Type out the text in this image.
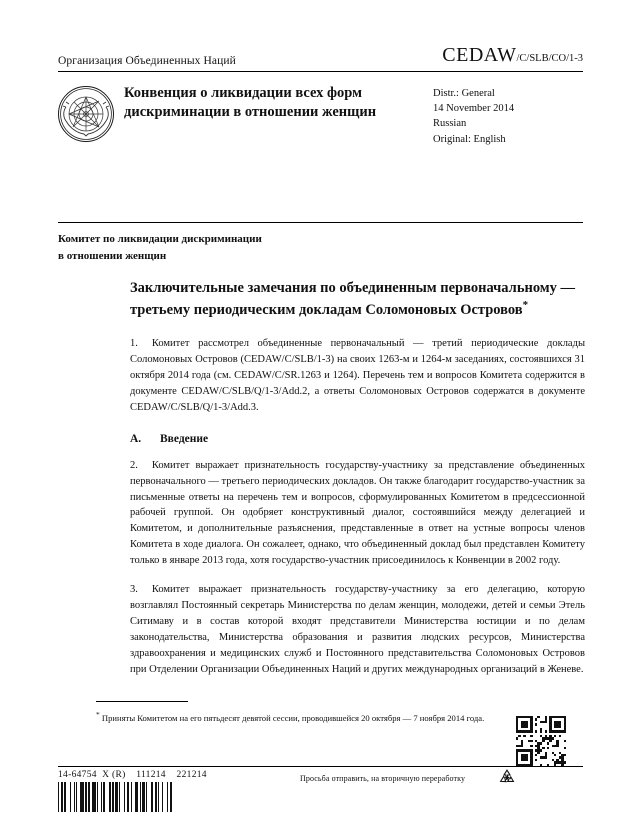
Организация Объединенных Наций	CEDAW/C/SLB/CO/1-3
Конвенция о ликвидации всех форм дискриминации в отношении женщин
Distr.: General
14 November 2014
Russian
Original: English
Комитет по ликвидации дискриминации
в отношении женщин
Заключительные замечания по объединенным первоначальному — третьему периодическим докладам Соломоновых Островов*

1. Комитет рассмотрел объединенные первоначальный — третий периодические доклады Соломоновых Островов (CEDAW/C/SLB/1-3) на своих 1263-м и 1264-м заседаниях, состоявшихся 31 октября 2014 года (см. CEDAW/C/SR.1263 и 1264). Перечень тем и вопросов Комитета содержится в документе CEDAW/C/SLB/Q/1-3/Add.2, а ответы Соломоновых Островов содержатся в документе CEDAW/C/SLB/Q/1-3/Add.3.

A.	Введение

2. Комитет выражает признательность государству-участнику за представление объединенных первоначального — третьего периодических докладов. Он также благодарит государство-участник за письменные ответы на перечень тем и вопросов, сформулированных Комитетом в предсессионной рабочей группой. Он одобряет конструктивный диалог, состоявшийся между делегацией и Комитетом, и дополнительные разъяснения, представленные в ответ на устные вопросы членов Комитета в ходе диалога. Он сожалеет, однако, что объединенный доклад был представлен Комитету только в январе 2013 года, хотя государство-участник присоединилось к Конвенции в 2002 году.

3. Комитет выражает признательность государству-участнику за его делегацию, которую возглавлял Постоянный секретарь Министерства по делам женщин, молодежи, детей и семьи Этель Ситимаву и в состав которой входят представители Министерства юстиции и по делам законодательства, Министерства образования и развития людских ресурсов, Министерства здравоохранения и медицинских служб и Постоянного представительства Соломоновых Островов при Отделении Организации Объединенных Наций и других международных организаций в Женеве.

* Приняты Комитетом на его пятьдесят девятой сессии, проводившейся 20 октября — 7 ноября 2014 года.
14-64754  X (R)    111214    221214	Просьба отправить, на вторичную переработку
